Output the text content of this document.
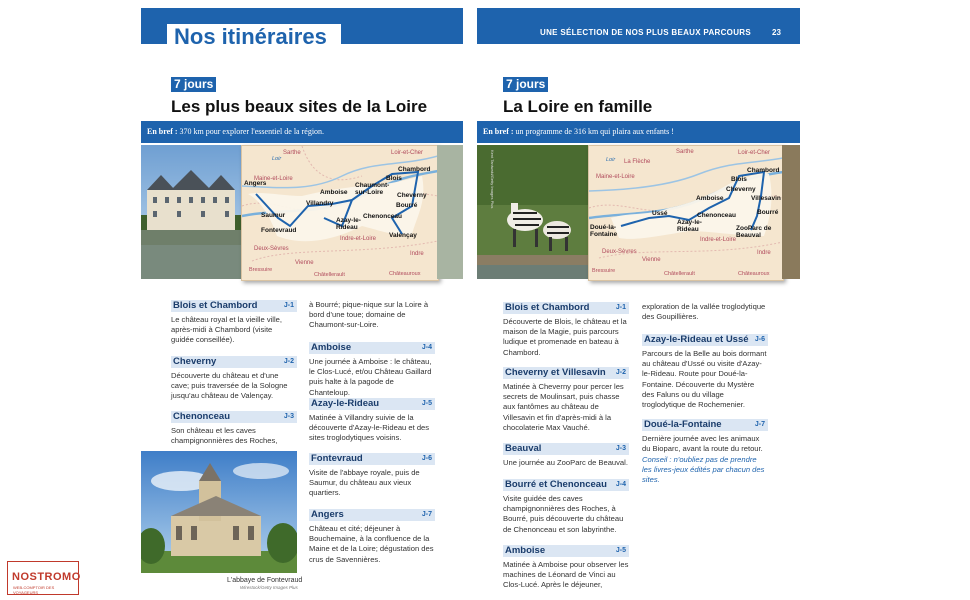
Nos itinéraires	UNE SÉLECTION DE NOS PLUS BEAUX PARCOURS	23
7 jours
Les plus beaux sites de la Loire
En bref : 370 km pour explorer l'essentiel de la région.
Sarthe	Loir-et-Cher
Maine-et-Loire	Blois
Chambord
Angers
Amboise
Chaumont-sur-Loire	Cheverny
Villandry	Bourré
Saumur
Azay-le-Rideau
Chenonceau
Fontevraud
Indre-et-Loire Valençay
Deux-Sèvres
Bressuire
Châtellerault	Châteauroux
Vienne
Indre
Loir
Blois et Chambord	J-1
Le château royal et la vieille ville, après-midi à Chambord (visite guidée conseillée).
Cheverny	J-2
Découverte du château et d'une cave; puis traversée de la Sologne jusqu'au château de Valençay.
Chenonceau	J-3
Son château et les caves champignonnières des Roches,
L'abbaye de Fontevraud
Wirestock/Getty Images Plus
à Bourré; pique-nique sur la Loire à bord d'une toue; domaine de Chaumont-sur-Loire.
Amboise	J-4
Une journée à Amboise : le château, le Clos-Lucé, et/ou Château Gaillard puis halte à la pagode de Chanteloup.
Azay-le-Rideau	J-5
Matinée à Villandry suivie de la découverte d'Azay-le-Rideau et des sites troglodytiques voisins.
Fontevraud	J-6
Visite de l'abbaye royale, puis de Saumur, du château aux vieux quartiers.
Angers	J-7
Château et cité; déjeuner à Bouchemaine, à la confluence de la Maine et de la Loire; dégustation des crus de Savennières.
7 jours
La Loire en famille
En bref : un programme de 316 km qui plaira aux enfants !
Kent Taniwaki/Getty Images Plus	Sarthe	Loir-et-Cher
La Flèche
Maine-et-Loire	Blois
Chambord
Amboise
Cheverny
Villesavin
Ussé	Chenonceau	Bourré
Doué-la-Fontaine
Azay-le-Rideau	ZooParc de Beauval
Indre-et-Loire
Deux-Sèvres
Vienne
Indre
Châteauroux
Châtellerault
Bressuire
Loir
Blois et Chambord	J-1
Découverte de Blois, le château et la maison de la Magie, puis parcours ludique et promenade en bateau à Chambord.
Cheverny et Villesavin J-2
Matinée à Cheverny pour percer les secrets de Moulinsart, puis chasse aux fantômes au château de Villesavin et fin d'après-midi à la chocolaterie Max Vauché.
Beauval	J-3
Une journée au ZooParc de Beauval.
Bourré et Chenonceau J-4
Visite guidée des caves champignonnières des Roches, à Bourré, puis découverte du château de Chenonceau et son labyrinthe.
Amboise	J-5
Matinée à Amboise pour observer les machines de Léonard de Vinci au Clos-Lucé. Après le déjeuner,
exploration de la vallée troglodytique des Goupillières.
Azay-le-Rideau et Ussé J-6
Parcours de la Belle au bois dormant au château d'Ussé ou visite d'Azay-le-Rideau. Route pour Doué-la-Fontaine. Découverte du Mystère des Faluns ou du village troglodytique de Rochemenier.
Doué-la-Fontaine	J-7
Dernière journée avec les animaux du Bioparc, avant la route du retour.
Conseil : n'oubliez pas de prendre les livres-jeux édités par chacun des sites.
NOSTROMO
WEB-COMPTOIR DES VOYAGEURS
